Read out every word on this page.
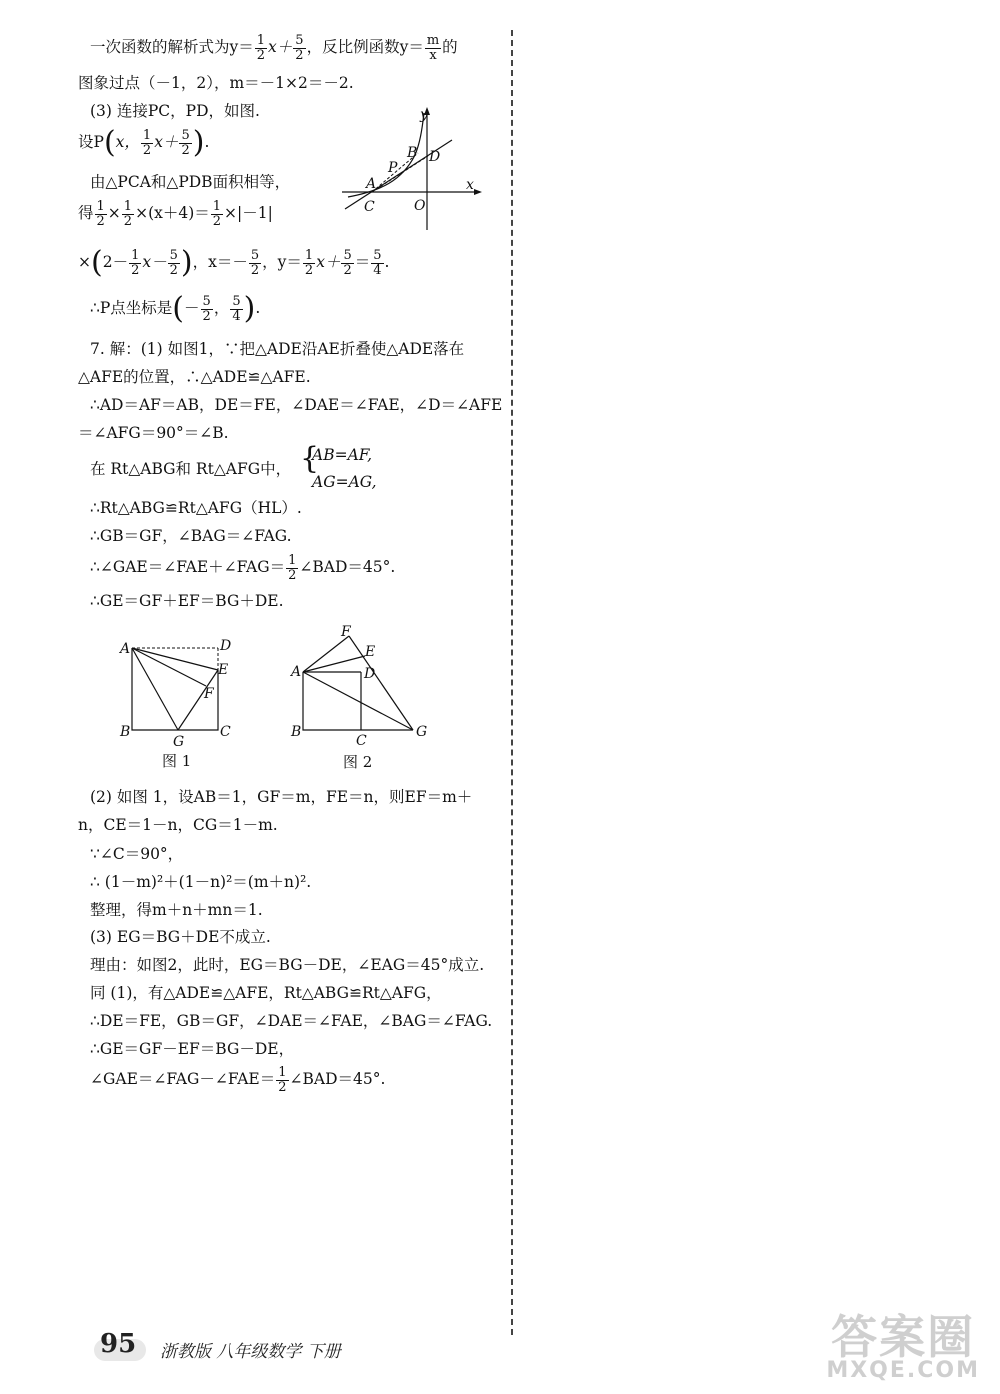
一次函数的解析式为$y= \frac{1}{2} x+ \frac{5}{2}$ ，反比例函数$y= \frac{m}{x}$ 的
图象过点（－1，2），m＝－1×2＝－2.
(3) 连接PC，PD，如图.
设P(x， $\frac{1}{2} x+ \frac{5}{2}$ ).
由△PCA和△PDB面积相等，
得 $\frac{1}{2} \times \frac{1}{2} \times(x+4)= \frac{1}{2} \times|-1|$
$\times(2- \frac{1}{2} x- \frac{5}{2}$ )，$x=- \frac{5}{2}$ ，$y= \frac{1}{2} x+ \frac{5}{2} = \frac{5}{4}$ .
∴P点坐标是(－ $\frac{5}{2}$ ， $\frac{5}{4}$ ).
7. 解：(1) 如图1，∵把△ADE沿AE折叠使△ADE落在
△AFE的位置，∴△ADE≌△AFE.
∴AD＝AF＝AB，DE＝FE，∠DAE＝∠FAE，∠D＝∠AFE
＝∠AFG＝90°＝∠B.
在 Rt△ABG和 Rt△AFG中， {
AB=AF,
AG=AG,
∴Rt△ABG≌Rt△AFG（HL）.
∴GB＝GF，∠BAG＝∠FAG.
∴∠GAE＝∠FAE＋∠FAG＝ $\frac{1}{2}$ ∠BAD＝45°.
∴GE＝GF＋EF＝BG＋DE.
(2) 如图 1，设AB＝1，GF＝m，FE＝n，则EF＝m＋
n，CE＝1－n，CG＝1－m.
∵∠C＝90°，
∴ (1－m)²＋(1－n)²＝(m＋n)².
整理，得m＋n＋mn＝1.
(3) EG＝BG＋DE不成立.
理由：如图2，此时，EG＝BG－DE，∠EAG＝45°成立.
同 (1)，有△ADE≌△AFE，Rt△ABG≌Rt△AFG，
∴DE＝FE，GB＝GF，∠DAE＝∠FAE，∠BAG＝∠FAG.
∴GE＝GF－EF＝BG－DE，
∠GAE＝∠FAG－∠FAE＝ $\frac{1}{2}$ ∠BAD＝45°.
y
x
B D
P
A
C	O
A	D
E
F
B
G
C
图 1
F
E
A	D
B
C
G
图 2
95 浙教版 八年级数学 下册	答案圈
MXQE.COM
